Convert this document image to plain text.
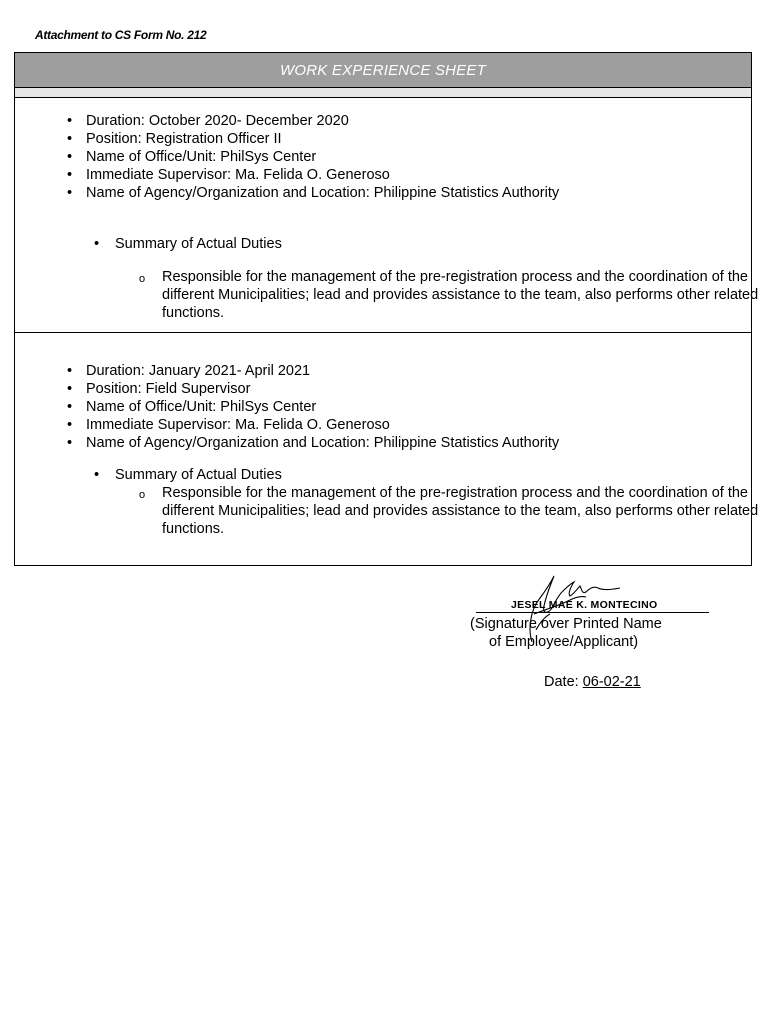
Attachment to CS Form No. 212
WORK EXPERIENCE SHEET
• Duration: October 2020- December 2020
• Position: Registration Officer II
• Name of Office/Unit: PhilSys Center
• Immediate Supervisor: Ma. Felida O. Generoso
• Name of Agency/Organization and Location: Philippine Statistics Authority
• Summary of Actual Duties
o Responsible for the management of the pre-registration process and the coordination of the different Municipalities; lead and provides assistance to the team, also performs other related functions.
• Duration: January 2021- April 2021
• Position: Field Supervisor
• Name of Office/Unit: PhilSys Center
• Immediate Supervisor: Ma. Felida O. Generoso
• Name of Agency/Organization and Location: Philippine Statistics Authority
• Summary of Actual Duties
o Responsible for the management of the pre-registration process and the coordination of the different Municipalities; lead and provides assistance to the team, also performs other related functions.
JESEL MAE K. MONTECINO
(Signature over Printed Name
of Employee/Applicant)
Date: 06-02-21
